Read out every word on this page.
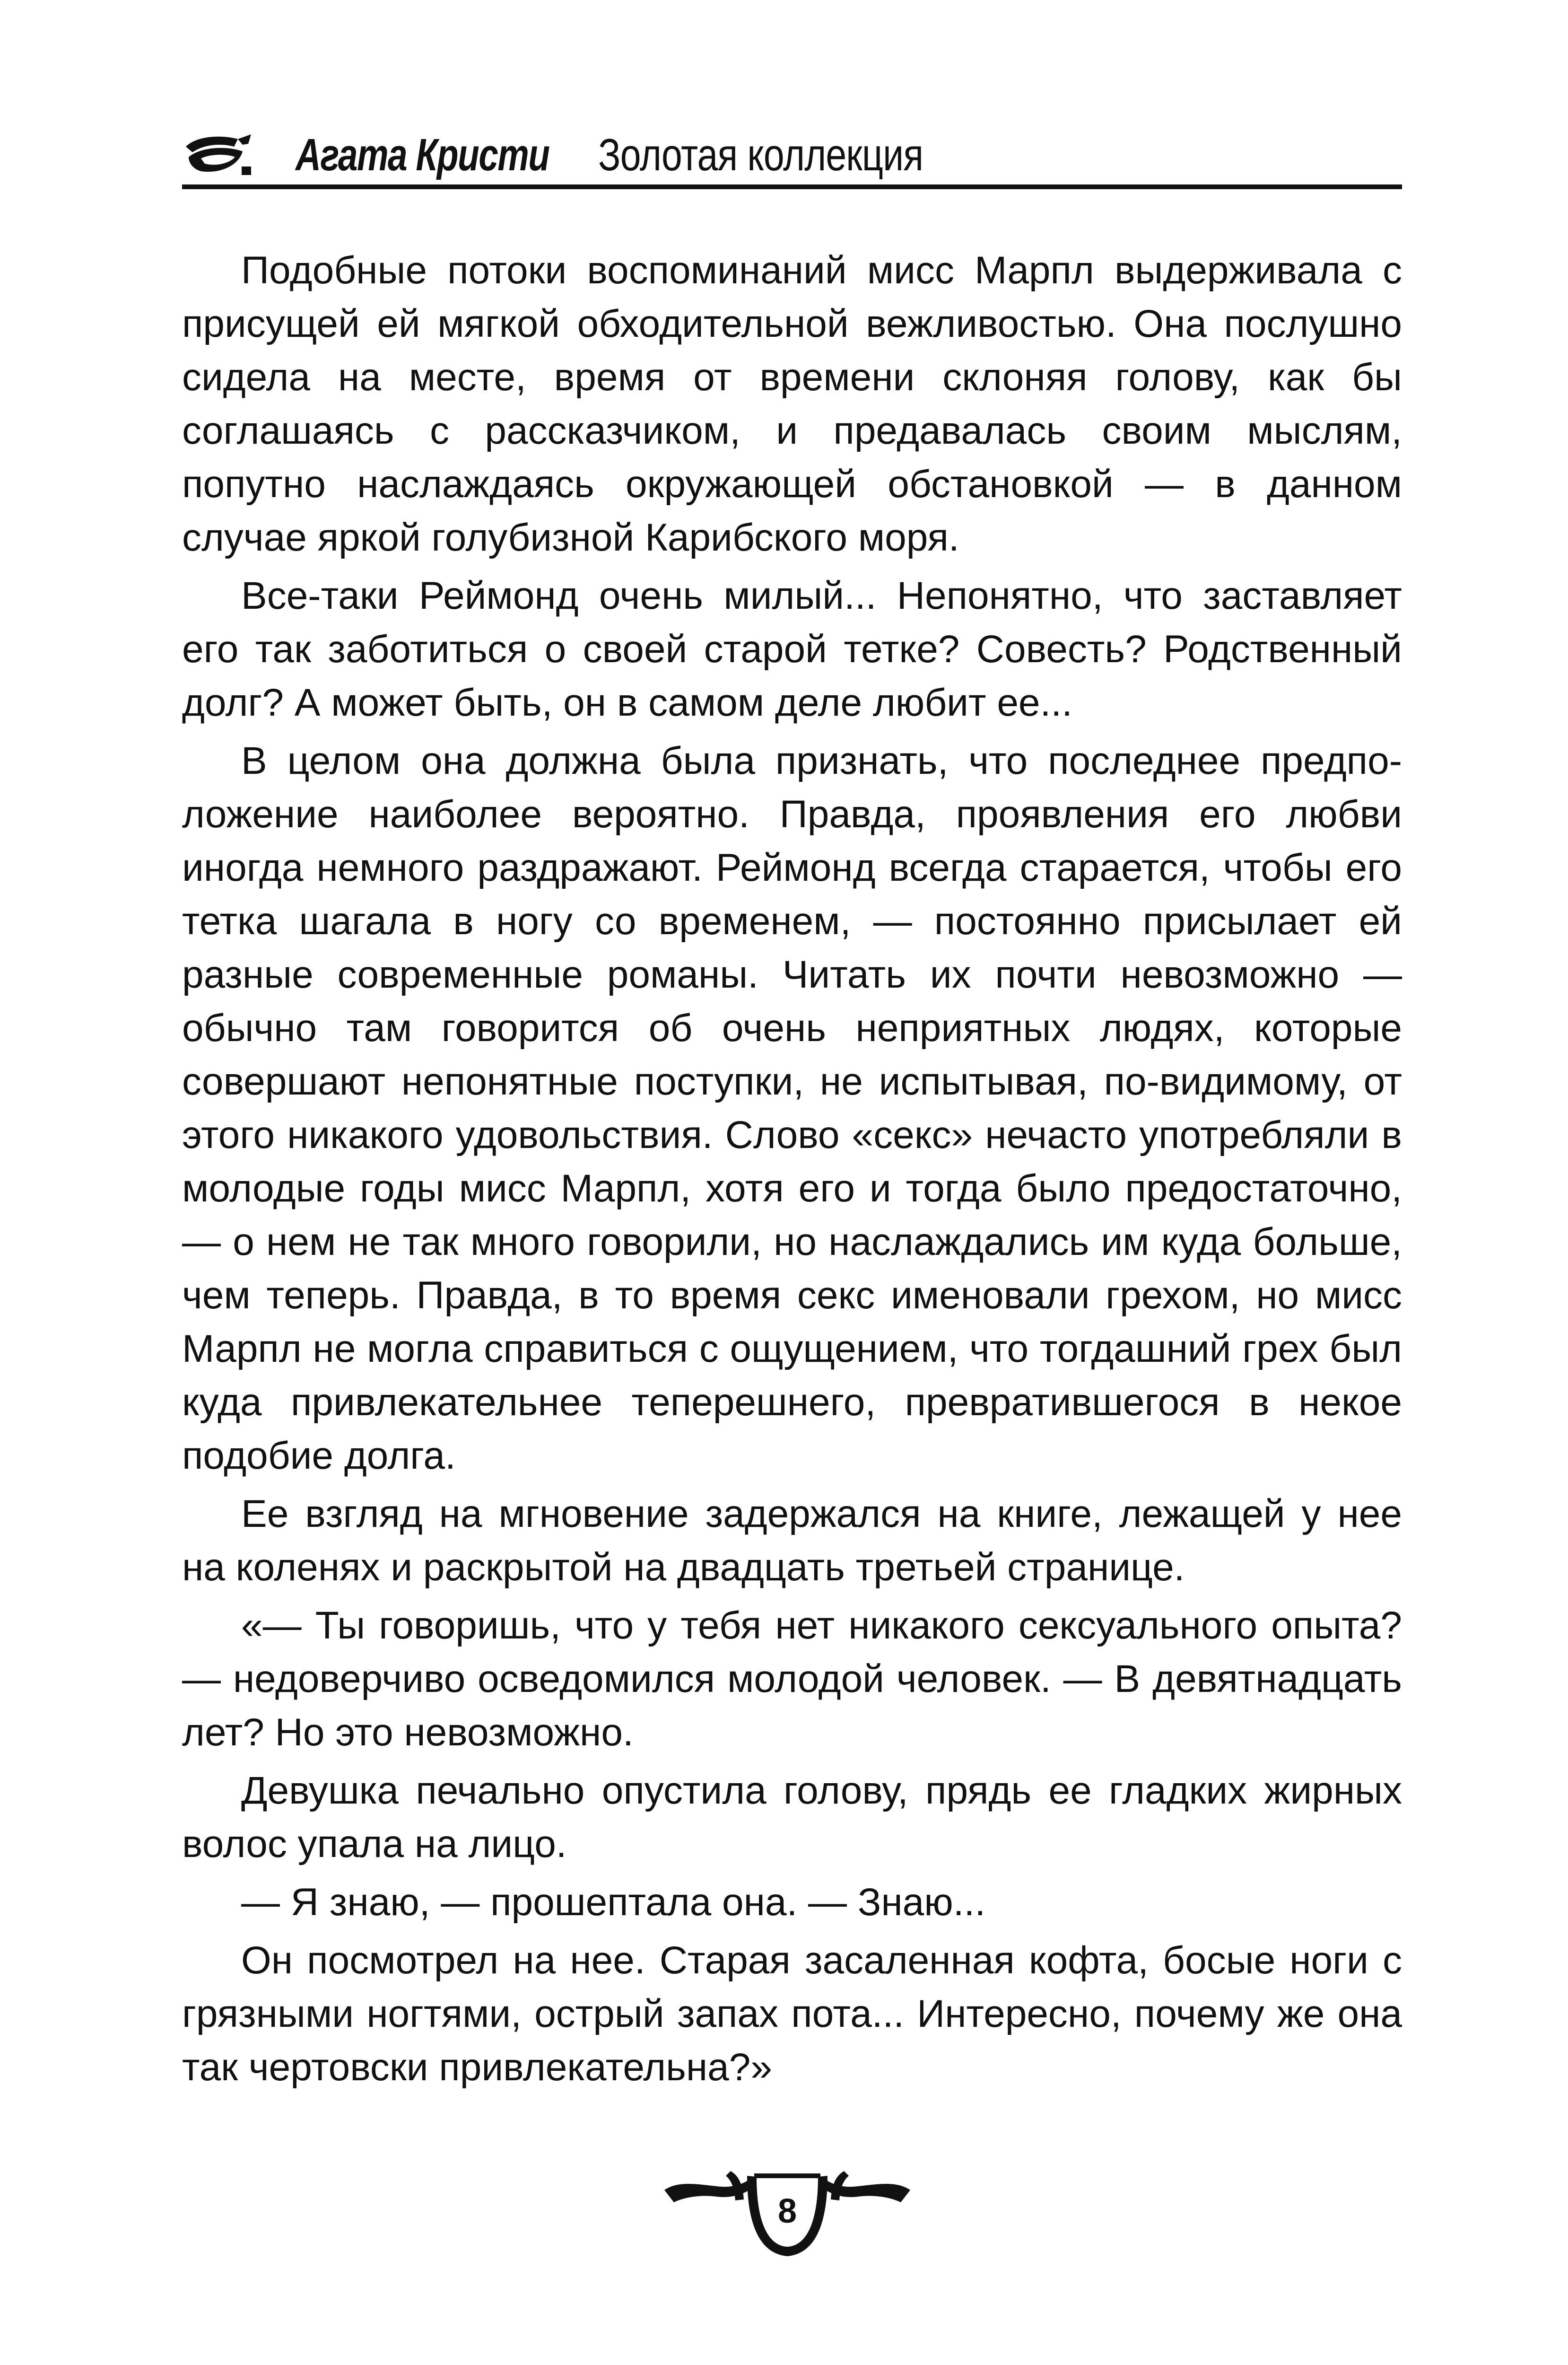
Агата Кристи Золотая коллекция

Подобные потоки воспоминаний мисс Марпл выдерживала с присущей ей мягкой обходительной вежливостью. Она послушно сидела на месте, время от времени склоняя голову, как бы соглашаясь с рассказчиком, и предавалась своим мыслям, попутно наслаждаясь окружающей обстановкой — в данном случае яркой голубизной Карибского моря.

Все-таки Реймонд очень милый... Непонятно, что заставляет его так заботиться о своей старой тетке? Совесть? Родственный долг? А может быть, он в самом деле любит ее...

В целом она должна была признать, что последнее предположение наиболее вероятно. Правда, проявления его любви иногда немного раздражают. Реймонд всегда старается, чтобы его тетка шагала в ногу со временем, — постоянно присылает ей разные современные романы. Читать их почти невозможно — обычно там говорится об очень неприятных людях, которые совершают непонятные поступки, не испытывая, по-видимому, от этого никакого удовольствия. Слово «секс» нечасто употребляли в молодые годы мисс Марпл, хотя его и тогда было предостаточно, — о нем не так много говорили, но наслаждались им куда больше, чем теперь. Правда, в то время секс именовали грехом, но мисс Марпл не могла справиться с ощущением, что тогдашний грех был куда привлекательнее теперешнего, превратившегося в некое подобие долга.

Ее взгляд на мгновение задержался на книге, лежащей у нее на коленях и раскрытой на двадцать третьей странице.

«— Ты говоришь, что у тебя нет никакого сексуального опыта? — недоверчиво осведомился молодой человек. — В девятнадцать лет? Но это невозможно.

Девушка печально опустила голову, прядь ее гладких жирных волос упала на лицо.

— Я знаю, — прошептала она. — Знаю...

Он посмотрел на нее. Старая засаленная кофта, босые ноги с грязными ногтями, острый запах пота... Интересно, почему же она так чертовски привлекательна?»

8
